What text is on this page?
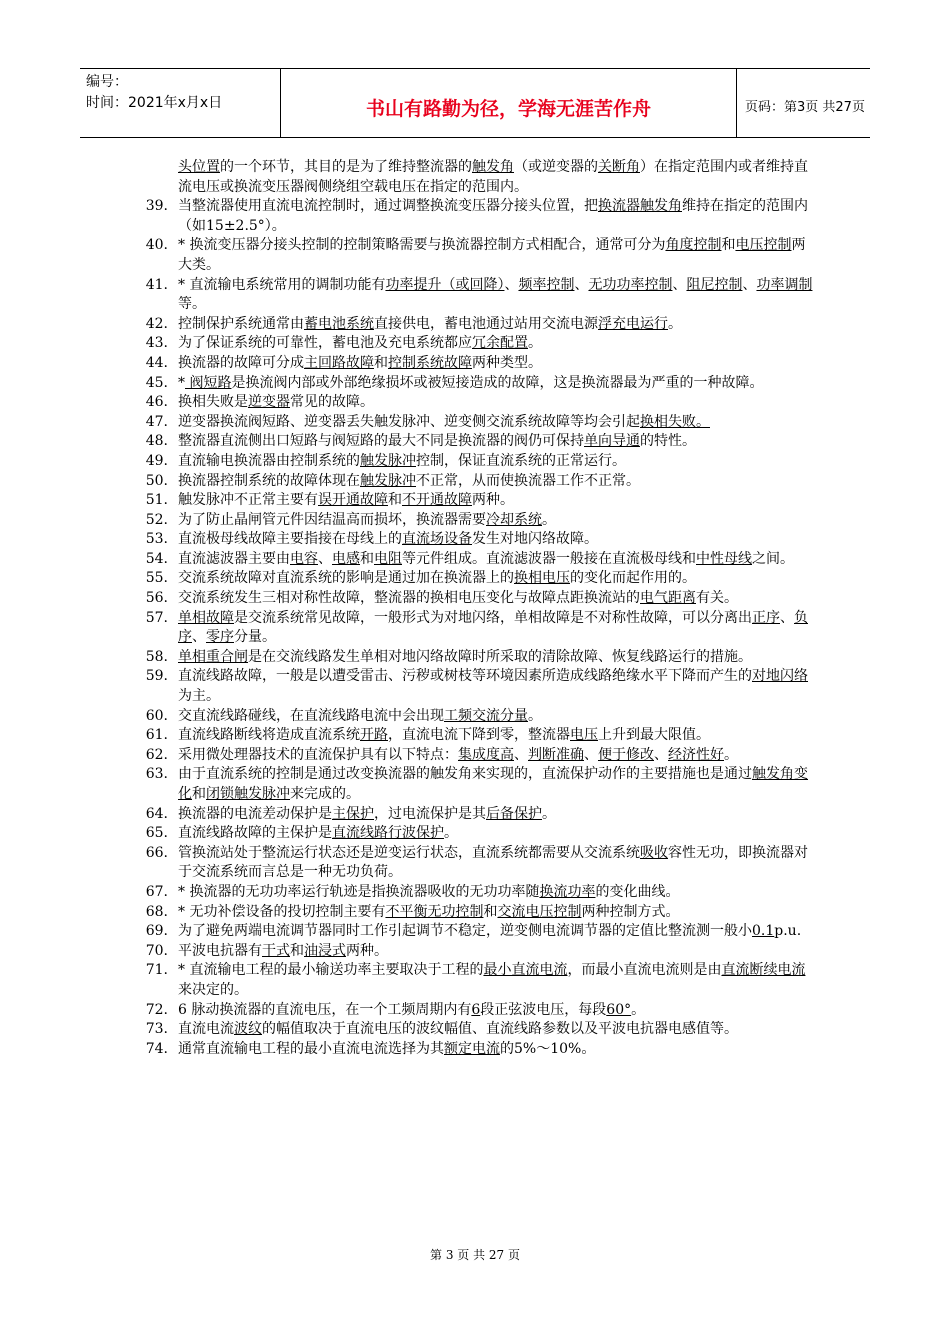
编号：
时间：2021年x月x日	书山有路勤为径，学海无涯苦作舟	页码：第3页 共27页
头位置的一个环节，其目的是为了维持整流器的触发角（或逆变器的关断角）在指定范围内或者维持直流电压或换流变压器阀侧绕组空载电压在指定的范围内。
39. 当整流器使用直流电流控制时，通过调整换流变压器分接头位置，把换流器触发角维持在指定的范围内（如15±2.5°）。
40. * 换流变压器分接头控制的控制策略需要与换流器控制方式相配合，通常可分为角度控制和电压控制两大类。
41. * 直流输电系统常用的调制功能有功率提升（或回降）、频率控制、无功功率控制、阻尼控制、功率调制等。
42. 控制保护系统通常由蓄电池系统直接供电，蓄电池通过站用交流电源浮充电运行。
43. 为了保证系统的可靠性，蓄电池及充电系统都应冗余配置。
44. 换流器的故障可分成主回路故障和控制系统故障两种类型。
45. * 阀短路是换流阀内部或外部绝缘损坏或被短接造成的故障，这是换流器最为严重的一种故障。
46. 换相失败是逆变器常见的故障。
47. 逆变器换流阀短路、逆变器丢失触发脉冲、逆变侧交流系统故障等均会引起换相失败。
48. 整流器直流侧出口短路与阀短路的最大不同是换流器的阀仍可保持单向导通的特性。
49. 直流输电换流器由控制系统的触发脉冲控制，保证直流系统的正常运行。
50. 换流器控制系统的故障体现在触发脉冲不正常，从而使换流器工作不正常。
51. 触发脉冲不正常主要有误开通故障和不开通故障两种。
52. 为了防止晶闸管元件因结温高而损坏，换流器需要冷却系统。
53. 直流极母线故障主要指接在母线上的直流场设备发生对地闪络故障。
54. 直流滤波器主要由电容、电感和电阻等元件组成。直流滤波器一般接在直流极母线和中性母线之间。
55. 交流系统故障对直流系统的影响是通过加在换流器上的换相电压的变化而起作用的。
56. 交流系统发生三相对称性故障，整流器的换相电压变化与故障点距换流站的电气距离有关。
57. 单相故障是交流系统常见故障，一般形式为对地闪络，单相故障是不对称性故障，可以分离出正序、负序、零序分量。
58. 单相重合闸是在交流线路发生单相对地闪络故障时所采取的清除故障、恢复线路运行的措施。
59. 直流线路故障，一般是以遭受雷击、污秽或树枝等环境因素所造成线路绝缘水平下降而产生的对地闪络为主。
60. 交直流线路碰线，在直流线路电流中会出现工频交流分量。
61. 直流线路断线将造成直流系统开路，直流电流下降到零，整流器电压上升到最大限值。
62. 采用微处理器技术的直流保护具有以下特点：集成度高、判断准确、便于修改、经济性好。
63. 由于直流系统的控制是通过改变换流器的触发角来实现的，直流保护动作的主要措施也是通过触发角变化和闭锁触发脉冲来完成的。
64. 换流器的电流差动保护是主保护，过电流保护是其后备保护。
65. 直流线路故障的主保护是直流线路行波保护。
66. 管换流站处于整流运行状态还是逆变运行状态，直流系统都需要从交流系统吸收容性无功，即换流器对于交流系统而言总是一种无功负荷。
67. * 换流器的无功功率运行轨迹是指换流器吸收的无功功率随换流功率的变化曲线。
68. * 无功补偿设备的投切控制主要有不平衡无功控制和交流电压控制两种控制方式。
69. 为了避免两端电流调节器同时工作引起调节不稳定，逆变侧电流调节器的定值比整流测一般小0.1p.u.
70. 平波电抗器有干式和油浸式两种。
71. * 直流输电工程的最小输送功率主要取决于工程的最小直流电流，而最小直流电流则是由直流断续电流来决定的。
72. 6 脉动换流器的直流电压，在一个工频周期内有6段正弦波电压，每段60°。
73. 直流电流波纹的幅值取决于直流电压的波纹幅值、直流线路参数以及平波电抗器电感值等。
74. 通常直流输电工程的最小直流电流选择为其额定电流的5%～10%。
第 3 页 共 27 页
